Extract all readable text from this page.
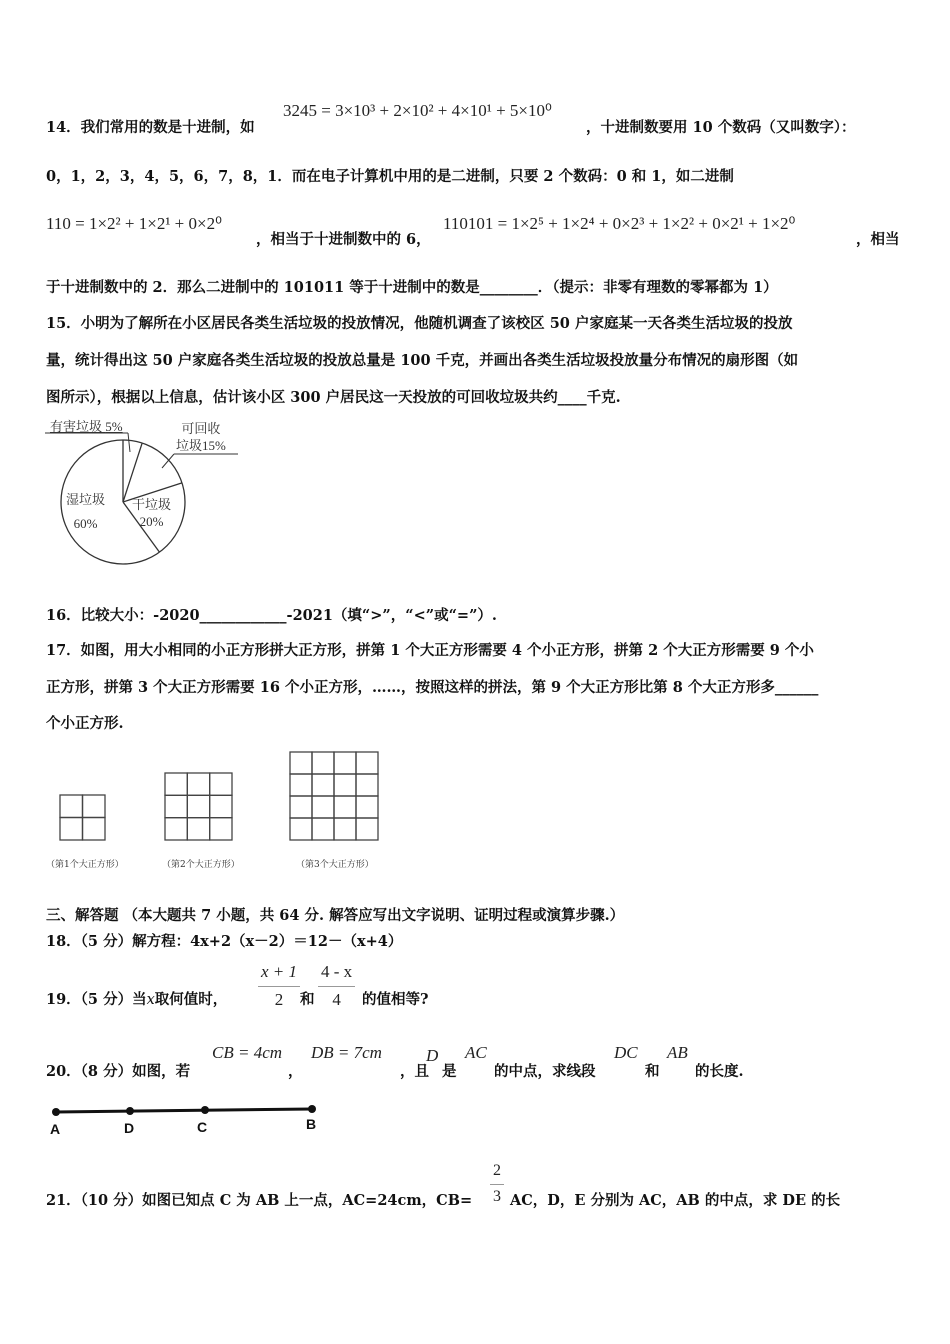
14．我们常用的数是十进制，如
3245 = 3×10³ + 2×10² + 4×10¹ + 5×10⁰
，十进制数要用 10 个数码（又叫数字）：
0，1，2，3，4，5，6，7，8，1．而在电子计算机中用的是二进制，只要 2 个数码：0 和 1，如二进制
110 = 1×2² + 1×2¹ + 0×2⁰
，相当于十进制数中的 6，
110101 = 1×2⁵ + 1×2⁴ + 0×2³ + 1×2² + 0×2¹ + 1×2⁰
，相当
于十进制数中的 2．那么二进制中的 101011 等于十进制中的数是________．（提示：非零有理数的零幂都为 1）
15．小明为了解所在小区居民各类生活垃圾的投放情况，他随机调查了该校区 50 户家庭某一天各类生活垃圾的投放
量，统计得出这 50 户家庭各类生活垃圾的投放总量是 100 千克，并画出各类生活垃圾投放量分布情况的扇形图（如
图所示），根据以上信息，估计该小区 300 户居民这一天投放的可回收垃圾共约____千克.
有害垃圾 5%	可回收
垃圾15%
干垃圾
20%
湿垃圾
60%
16．比较大小：-2020____________-2021（填“>”，“<”或“=”）.
17．如图，用大小相同的小正方形拼大正方形，拼第 1 个大正方形需要 4 个小正方形，拼第 2 个大正方形需要 9 个小
正方形，拼第 3 个大正方形需要 16 个小正方形，……，按照这样的拼法，第 9 个大正方形比第 8 个大正方形多______
个小正方形.
（第1个大正方形）	（第2个大正方形）	（第3个大正方形）
三、解答题 （本大题共 7 小题，共 64 分. 解答应写出文字说明、证明过程或演算步骤.）
18．（5 分）解方程：4x+2（x－2）＝12－（x+4）
19．（5 分）当x取何值时， $\frac{x + 1}{2}$ 和 $\frac{4 - x}{4}$ 的值相等?
20．（8 分）如图，若
CB = 4cm
，
DB = 7cm
，且
D
是
AC
的中点，求线段
DC
和
AB
的长度.
A	D	C	B
21．（10 分）如图已知点 C 为 AB 上一点，AC=24cm，$CB= \frac{2}{3}$ AC，D，E 分别为 AC，AB 的中点，求 DE 的长
